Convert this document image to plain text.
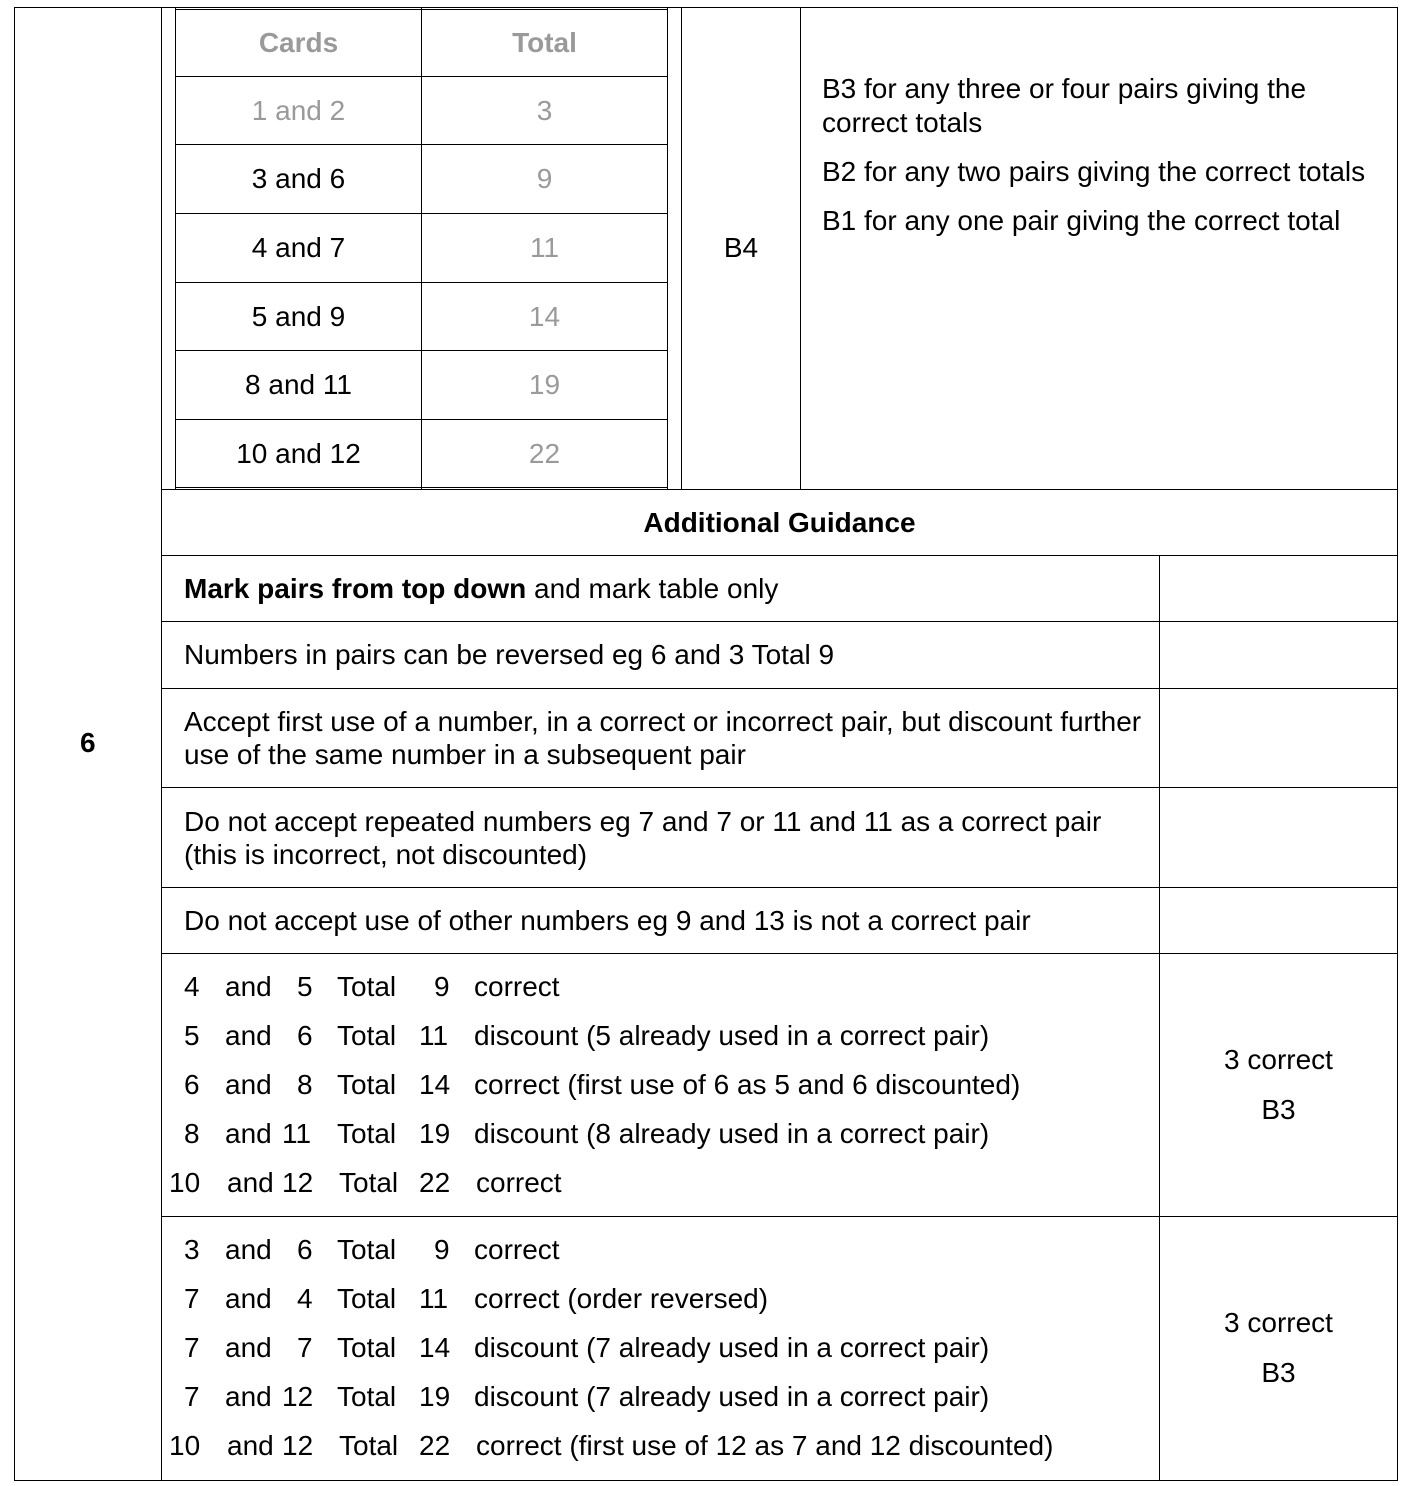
6
Cards	Total
1 and 2	3
3 and 6	9
4 and 7	11
5 and 9	14
8 and 11	19
10 and 12	22
B4
B3 for any three or four pairs giving the correct totals
B2 for any two pairs giving the correct totals
B1 for any one pair giving the correct total
Additional Guidance
Mark pairs from top down and mark table only
Numbers in pairs can be reversed eg 6 and 3 Total 9
Accept first use of a number, in a correct or incorrect pair, but discount further use of the same number in a subsequent pair
Do not accept repeated numbers eg 7 and 7 or 11 and 11 as a correct pair (this is incorrect, not discounted)
Do not accept use of other numbers eg 9 and 13 is not a correct pair
4 and 5 Total 9 correct
5 and 6 Total 11 discount (5 already used in a correct pair)
6 and 8 Total 14 correct (first use of 6 as 5 and 6 discounted)
8 and 11 Total 19 discount (8 already used in a correct pair)
10 and 12 Total 22 correct
3 correct
B3
3 and 6 Total 9 correct
7 and 4 Total 11 correct (order reversed)
7 and 7 Total 14 discount (7 already used in a correct pair)
7 and 12 Total 19 discount (7 already used in a correct pair)
10 and 12 Total 22 correct (first use of 12 as 7 and 12 discounted)
3 correct
B3
